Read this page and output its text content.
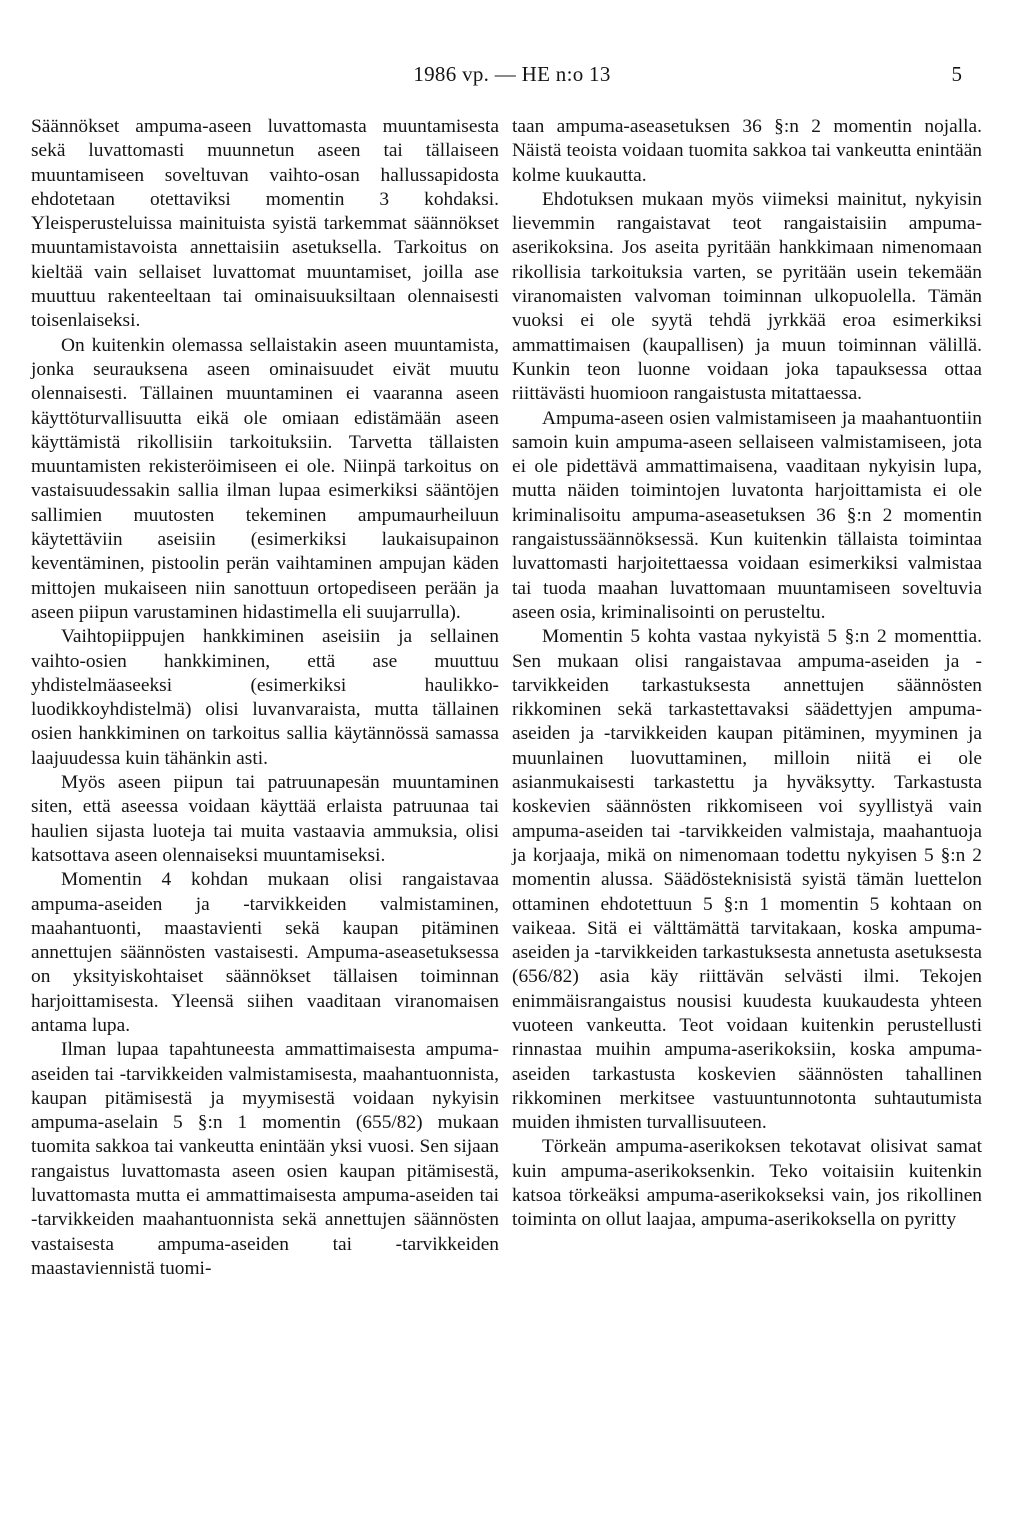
1986 vp. — HE n:o 13	5

Säännökset ampuma-aseen luvattomasta muuntamisesta sekä luvattomasti muunnetun aseen tai tällaiseen muuntamiseen soveltuvan vaihto-osan hallussapidosta ehdotetaan otettaviksi momentin 3 kohdaksi. Yleisperusteluissa mainituista syistä tarkemmat säännökset muuntamistavoista annettaisiin asetuksella. Tarkoitus on kieltää vain sellaiset luvattomat muuntamiset, joilla ase muuttuu rakenteeltaan tai ominaisuuksiltaan olennaisesti toisenlaiseksi.

On kuitenkin olemassa sellaistakin aseen muuntamista, jonka seurauksena aseen ominaisuudet eivät muutu olennaisesti. Tällainen muuntaminen ei vaaranna aseen käyttöturvallisuutta eikä ole omiaan edistämään aseen käyttämistä rikollisiin tarkoituksiin. Tarvetta tällaisten muuntamisten rekisteröimiseen ei ole. Niinpä tarkoitus on vastaisuudessakin sallia ilman lupaa esimerkiksi sääntöjen sallimien muutosten tekeminen ampumaurheiluun käytettäviin aseisiin (esimerkiksi laukaisupainon keventäminen, pistoolin perän vaihtaminen ampujan käden mittojen mukaiseen niin sanottuun ortopediseen perään ja aseen piipun varustaminen hidastimella eli suujarrulla).

Vaihtopiippujen hankkiminen aseisiin ja sellainen vaihto-osien hankkiminen, että ase muuttuu yhdistelmäaseeksi (esimerkiksi haulikko-luodikkoyhdistelmä) olisi luvanvaraista, mutta tällainen osien hankkiminen on tarkoitus sallia käytännössä samassa laajuudessa kuin tähänkin asti.

Myös aseen piipun tai patruunapesän muuntaminen siten, että aseessa voidaan käyttää erlaista patruunaa tai haulien sijasta luoteja tai muita vastaavia ammuksia, olisi katsottava aseen olennaiseksi muuntamiseksi.

Momentin 4 kohdan mukaan olisi rangaistavaa ampuma-aseiden ja -tarvikkeiden valmistaminen, maahantuonti, maastavienti sekä kaupan pitäminen annettujen säännösten vastaisesti. Ampuma-aseasetuksessa on yksityiskohtaiset säännökset tällaisen toiminnan harjoittamisesta. Yleensä siihen vaaditaan viranomaisen antama lupa.

Ilman lupaa tapahtuneesta ammattimaisesta ampuma-aseiden tai -tarvikkeiden valmistamisesta, maahantuonnista, kaupan pitämisestä ja myymisestä voidaan nykyisin ampuma-aselain 5 §:n 1 momentin (655/82) mukaan tuomita sakkoa tai vankeutta enintään yksi vuosi. Sen sijaan rangaistus luvattomasta aseen osien kaupan pitämisestä, luvattomasta mutta ei ammattimaisesta ampuma-aseiden tai -tarvikkeiden maahantuonnista sekä annettujen säännösten vastaisesta ampuma-aseiden tai -tarvikkeiden maastaviennistä tuomi-

taan ampuma-aseasetuksen 36 §:n 2 momentin nojalla. Näistä teoista voidaan tuomita sakkoa tai vankeutta enintään kolme kuukautta.

Ehdotuksen mukaan myös viimeksi mainitut, nykyisin lievemmin rangaistavat teot rangaistaisiin ampuma-aserikoksina. Jos aseita pyritään hankkimaan nimenomaan rikollisia tarkoituksia varten, se pyritään usein tekemään viranomaisten valvoman toiminnan ulkopuolella. Tämän vuoksi ei ole syytä tehdä jyrkkää eroa esimerkiksi ammattimaisen (kaupallisen) ja muun toiminnan välillä. Kunkin teon luonne voidaan joka tapauksessa ottaa riittävästi huomioon rangaistusta mitattaessa.

Ampuma-aseen osien valmistamiseen ja maahantuontiin samoin kuin ampuma-aseen sellaiseen valmistamiseen, jota ei ole pidettävä ammattimaisena, vaaditaan nykyisin lupa, mutta näiden toimintojen luvatonta harjoittamista ei ole kriminalisoitu ampuma-aseasetuksen 36 §:n 2 momentin rangaistussäännöksessä. Kun kuitenkin tällaista toimintaa luvattomasti harjoitettaessa voidaan esimerkiksi valmistaa tai tuoda maahan luvattomaan muuntamiseen soveltuvia aseen osia, kriminalisointi on perusteltu.

Momentin 5 kohta vastaa nykyistä 5 §:n 2 momenttia. Sen mukaan olisi rangaistavaa ampuma-aseiden ja -tarvikkeiden tarkastuksesta annettujen säännösten rikkominen sekä tarkastettavaksi säädettyjen ampuma-aseiden ja -tarvikkeiden kaupan pitäminen, myyminen ja muunlainen luovuttaminen, milloin niitä ei ole asianmukaisesti tarkastettu ja hyväksytty. Tarkastusta koskevien säännösten rikkomiseen voi syyllistyä vain ampuma-aseiden tai -tarvikkeiden valmistaja, maahantuoja ja korjaaja, mikä on nimenomaan todettu nykyisen 5 §:n 2 momentin alussa. Säädösteknisistä syistä tämän luettelon ottaminen ehdotettuun 5 §:n 1 momentin 5 kohtaan on vaikeaa. Sitä ei välttämättä tarvitakaan, koska ampuma-aseiden ja -tarvikkeiden tarkastuksesta annetusta asetuksesta (656/82) asia käy riittävän selvästi ilmi. Tekojen enimmäisrangaistus nousisi kuudesta kuukaudesta yhteen vuoteen vankeutta. Teot voidaan kuitenkin perustellusti rinnastaa muihin ampuma-aserikoksiin, koska ampuma-aseiden tarkastusta koskevien säännösten tahallinen rikkominen merkitsee vastuuntunnotonta suhtautumista muiden ihmisten turvallisuuteen.

Törkeän ampuma-aserikoksen tekotavat olisivat samat kuin ampuma-aserikoksenkin. Teko voitaisiin kuitenkin katsoa törkeäksi ampuma-aserikokseksi vain, jos rikollinen toiminta on ollut laajaa, ampuma-aserikoksella on pyritty
